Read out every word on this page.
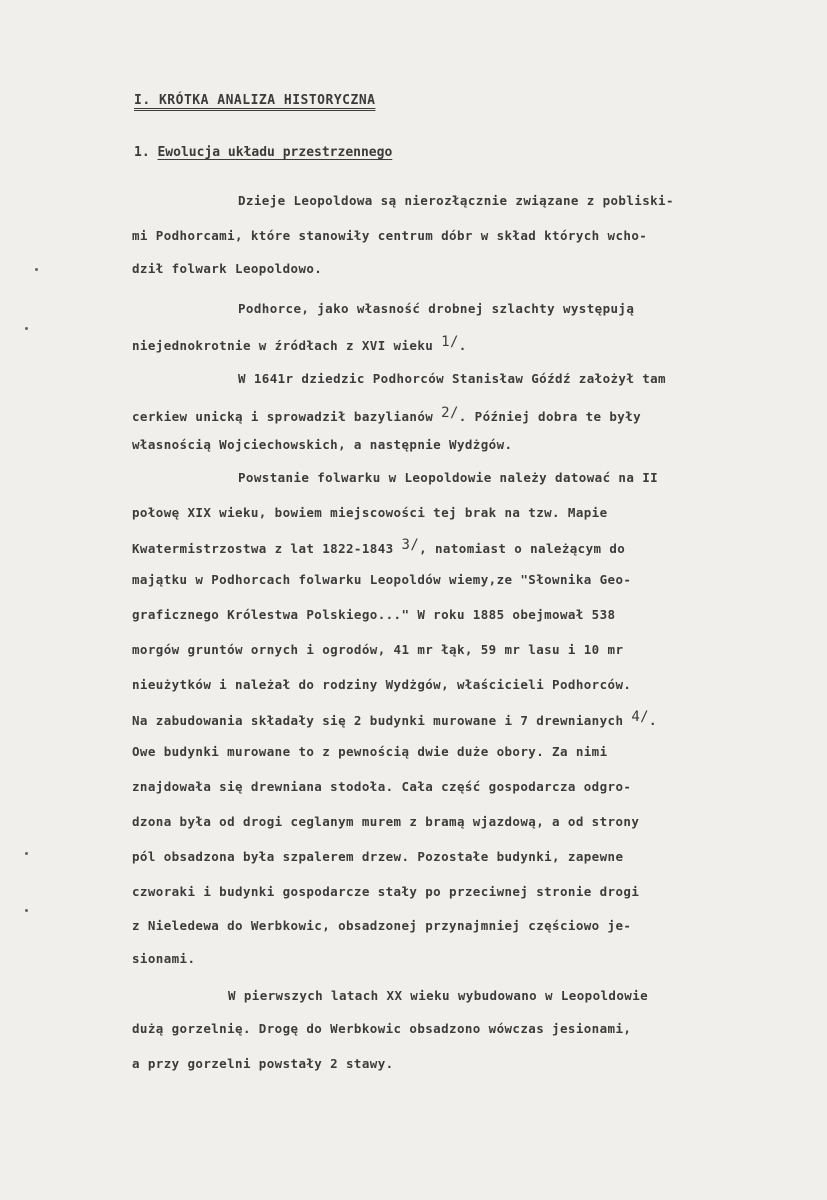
I. KRÓTKA ANALIZA HISTORYCZNA
1. Ewolucja układu przestrzennego
Dzieje Leopoldowa są nierozłącznie związane z pobliski-
mi Podhorcami, które stanowiły centrum dóbr w skład których wcho-
dził folwark Leopoldowo.
Podhorce, jako własność drobnej szlachty występują
niejednokrotnie w źródłach z XVI wieku $^{1/}$.
W 1641r dziedzic Podhorców Stanisław Góźdź założył tam
cerkiew unicką i sprowadził bazylianów $^{2/}$. Później dobra te były
własnością Wojciechowskich, a następnie Wydżgów.
Powstanie folwarku w Leopoldowie należy datować na II
połowę XIX wieku, bowiem miejscowości tej brak na tzw. Mapie
Kwatermistrzostwa z lat 1822-1843 $^{3/}$, natomiast o należącym do
majątku w Podhorcach folwarku Leopoldów wiemy,ze "Słownika Geo-
graficznego Królestwa Polskiego..." W roku 1885 obejmował 538
morgów gruntów ornych i ogrodów, 41 mr łąk, 59 mr lasu i 10 mr
nieużytków i należał do rodziny Wydżgów, właścicieli Podhorców.
Na zabudowania składały się 2 budynki murowane i 7 drewnianych $^{4/}$.
Owe budynki murowane to z pewnością dwie duże obory. Za nimi
znajdowała się drewniana stodoła. Cała część gospodarcza odgro-
dzona była od drogi ceglanym murem z bramą wjazdową, a od strony
pól obsadzona była szpalerem drzew. Pozostałe budynki, zapewne
czworaki i budynki gospodarcze stały po przeciwnej stronie drogi
z Nieledewa do Werbkowic, obsadzonej przynajmniej częściowo je-
sionami.
W pierwszych latach XX wieku wybudowano w Leopoldowie
dużą gorzelnię. Drogę do Werbkowic obsadzono wówczas jesionami,
a przy gorzelni powstały 2 stawy.
